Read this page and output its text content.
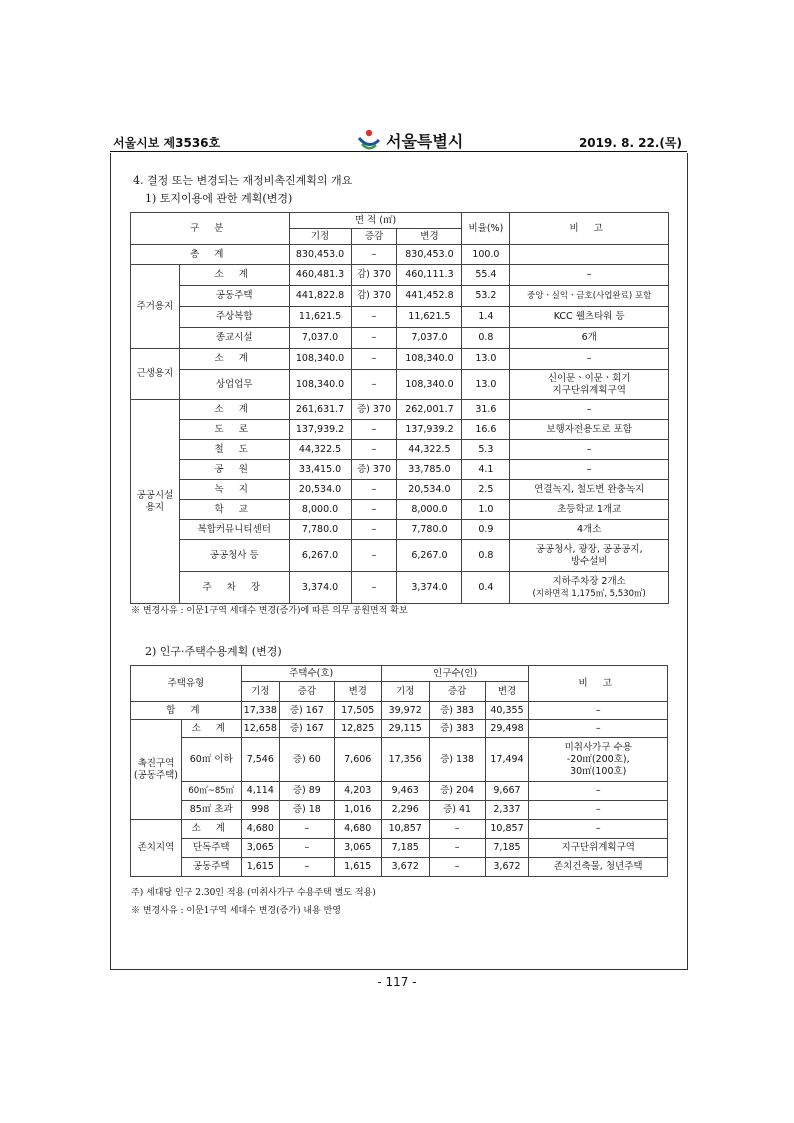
서울시보 제3536호	서울특별시	2019. 8. 22.(목)
4. 결정 또는 변경되는 재정비촉진계획의 개요
1) 토지이용에 관한 계획(변경)
구 분		면 적 (㎡)			비율(%)	비 고
		기정	증감	변경		
총 계		830,453.0	–	830,453.0	100.0	
주거용지	소 계	460,481.3	감) 370	460,111.3	55.4	–
	공동주택	441,822.8	감) 370	441,452.8	53.2	중앙ㆍ실익ㆍ금호(사업완료) 포함
	주상복합	11,621.5	–	11,621.5	1.4	KCC 웰츠타워 등
	종교시설	7,037.0	–	7,037.0	0.8	6개
근생용지	소 계	108,340.0	–	108,340.0	13.0	–
	상업업무	108,340.0	–	108,340.0	13.0	신이문ㆍ이문ㆍ회기
지구단위계획구역

공공시설
용지	소 계	261,631.7	증) 370	262,001.7	31.6	–
	도 로	137,939.2	–	137,939.2	16.6	보행자전용도로 포함
	철 도	44,322.5	–	44,322.5	5.3	–
	공 원	33,415.0	증) 370	33,785.0	4.1	–
	녹 지	20,534.0	–	20,534.0	2.5	연결녹지, 철도변 완충녹지
	학 교	8,000.0	–	8,000.0	1.0	초등학교 1개교
	복합커뮤니티센터	7,780.0	–	7,780.0	0.9	4개소
	공공청사 등	6,267.0	–	6,267.0	0.8	공공청사, 광장, 공공공지,
방수설비

	주 차 장	3,374.0	–	3,374.0	0.4	지하주차장 2개소
(지하면적 1,175㎡, 5,530㎡)
※ 변경사유 : 이문1구역 세대수 변경(증가)에 따른 의무 공원면적 확보
2) 인구·주택수용계획 (변경)
주택유형		주택수(호)			인구수(인)			비 고
		기정	증감	변경	기정	증감	변경	
합 계		17,338	증) 167	17,505	39,972	증) 383	40,355	–

촉진구역
(공동주택)	소 계	12,658	증) 167	12,825	29,115	증) 383	29,498	–
	60㎡ 이하	7,546	증) 60	7,606	17,356	증) 138	17,494	미취사가구 수용
-20㎡(200호),
30㎡(100호)

	60㎡~85㎡	4,114	증) 89	4,203	9,463	증) 204	9,667	–
	85㎡ 초과	998	증) 18	1,016	2,296	증) 41	2,337	–
존치지역	소 계	4,680	–	4,680	10,857	–	10,857	–
	단독주택	3,065	–	3,065	7,185	–	7,185	지구단위계획구역
	공동주택	1,615	–	1,615	3,672	–	3,672	존치건축물, 청년주택
주) 세대당 인구 2.30인 적용 (미취사가구 수용주택 별도 적용)
※ 변경사유 : 이문1구역 세대수 변경(증가) 내용 반영
- 117 -
